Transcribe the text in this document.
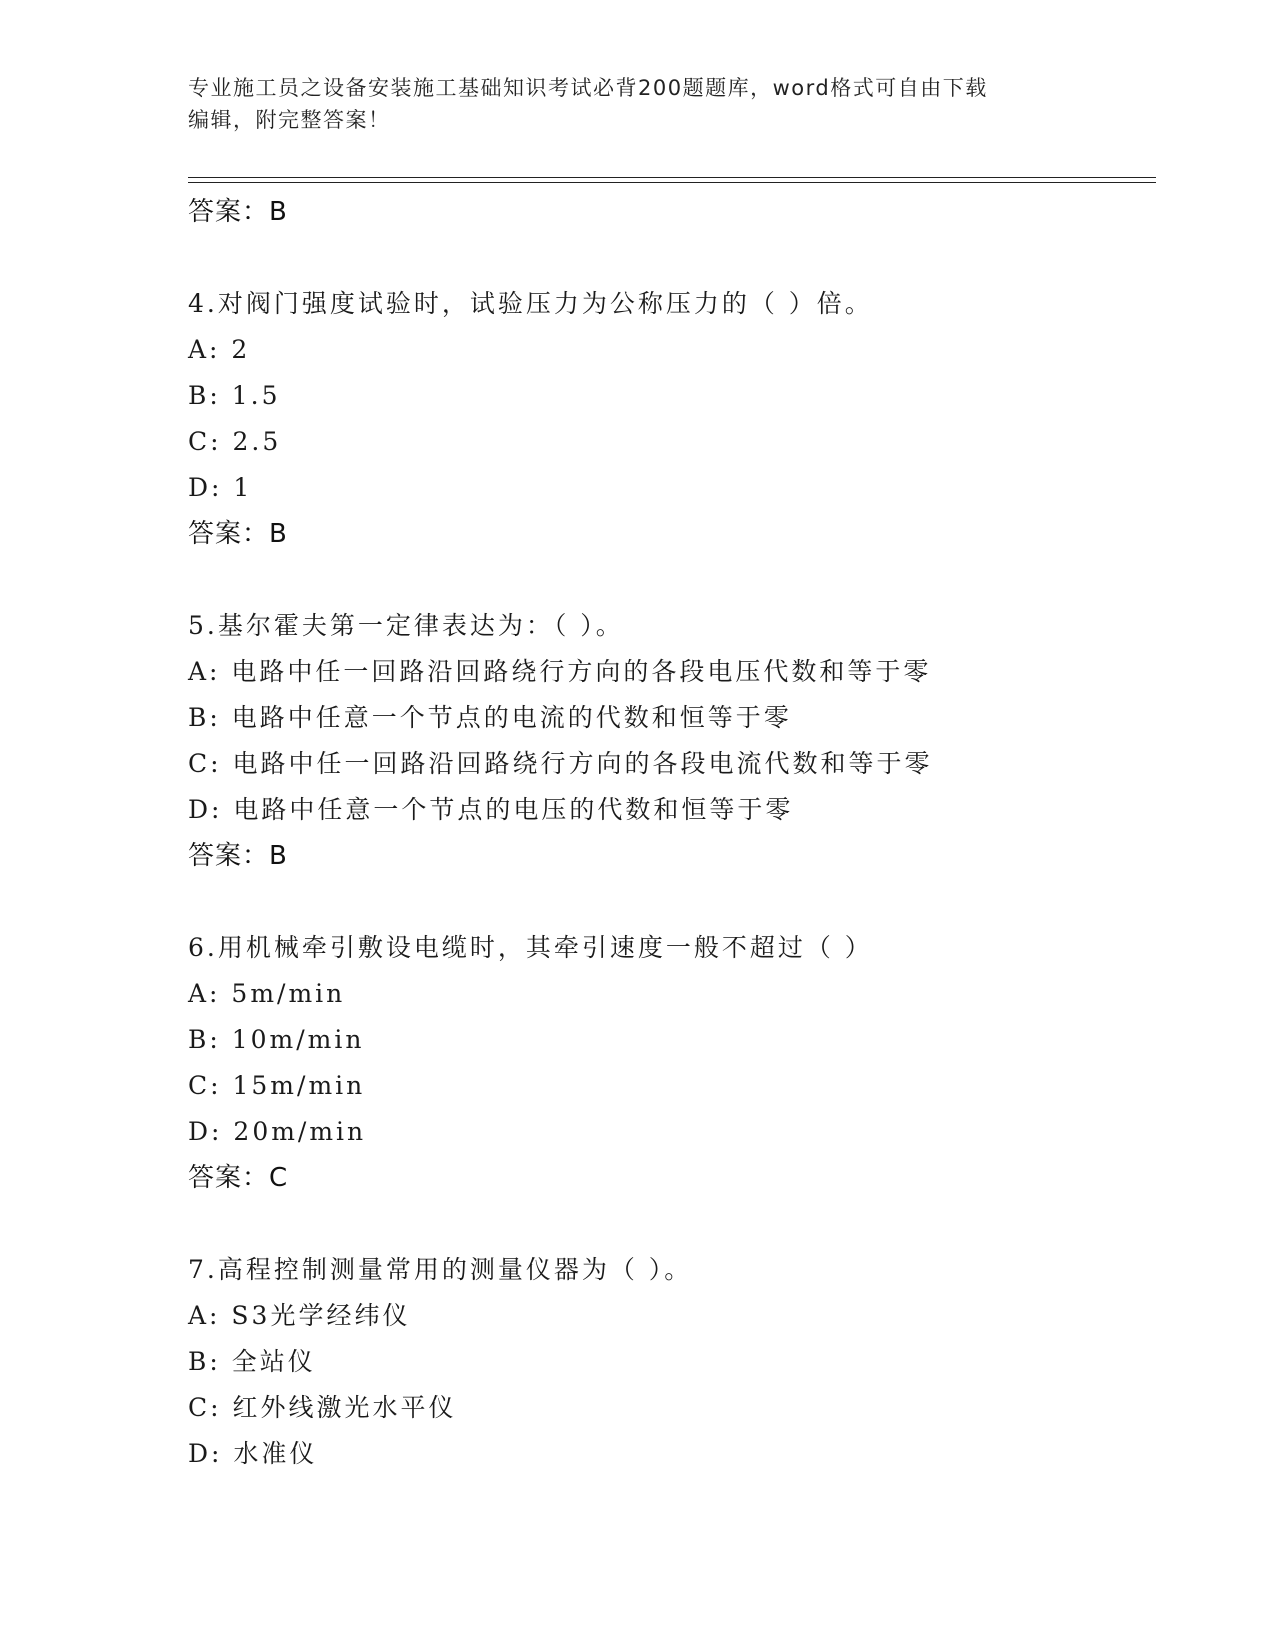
专业施工员之设备安装施工基础知识考试必背200题题库，word格式可自由下载
编辑，附完整答案！
答案：B
4.对阀门强度试验时，试验压力为公称压力的（ ）倍。
A: 2
B: 1.5
C: 2.5
D: 1
答案：B
5.基尔霍夫第一定律表达为：（ ）。
A: 电路中任一回路沿回路绕行方向的各段电压代数和等于零
B: 电路中任意一个节点的电流的代数和恒等于零
C: 电路中任一回路沿回路绕行方向的各段电流代数和等于零
D: 电路中任意一个节点的电压的代数和恒等于零
答案：B
6.用机械牵引敷设电缆时，其牵引速度一般不超过（ ）
A: 5m/min
B: 10m/min
C: 15m/min
D: 20m/min
答案：C
7.高程控制测量常用的测量仪器为（ ）。
A: S3光学经纬仪
B: 全站仪
C: 红外线激光水平仪
D: 水准仪
